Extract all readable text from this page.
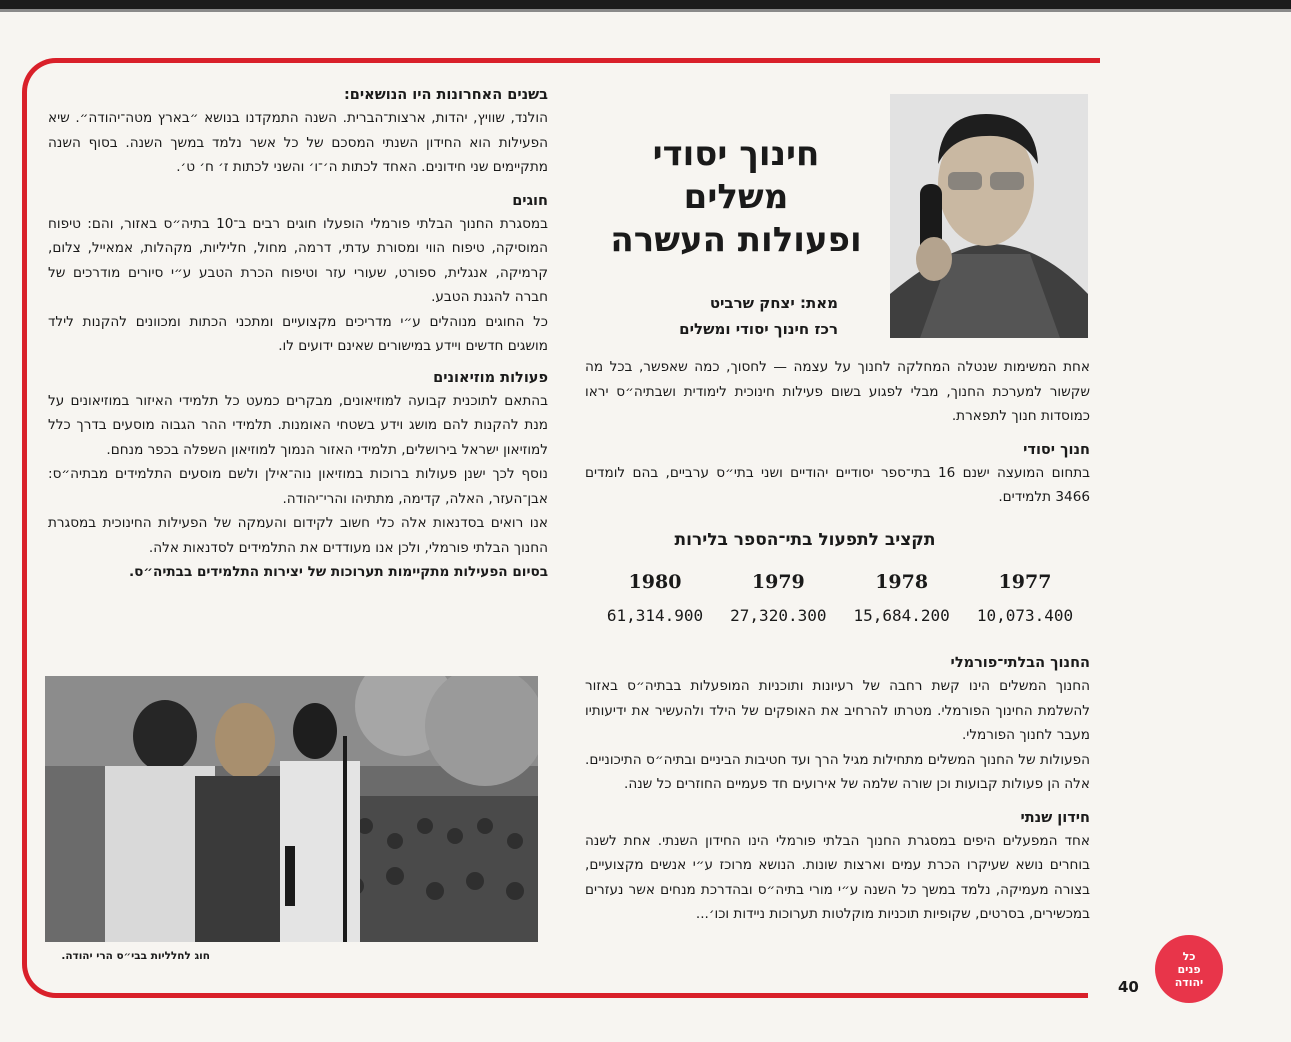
בשנים האחרונות היו הנושאים:

הולנד, שוויץ, יהדות, ארצות־הברית. השנה התמקדנו בנושא ״בארץ מטה־יהודה״. שיא הפעילות הוא החידון השנתי המסכם של כל אשר נלמד במשך השנה. בסוף השנה מתקיימים שני חידונים. האחד לכתות ה׳־ו׳ והשני לכתות ז׳ ח׳ ט׳.

חוגים

במסגרת החנוך הבלתי פורמלי הופעלו חוגים רבים ב־10 בתיה״ס באזור, והם: טיפוח המוסיקה, טיפוח הווי ומסורת עדתי, דרמה, מחול, חליליות, מקהלות, אמאייל, צלום, קרמיקה, אנגלית, ספורט, שעורי עזר וטיפוח הכרת הטבע ע״י סיורים מודרכים של חברה להגנת הטבע.

כל החוגים מנוהלים ע״י מדריכים מקצועיים ומתכני הכתות ומכוונים להקנות לילד מושגים חדשים ויידע במישורים שאינם ידועים לו.

פעולות מוזיאונים

בהתאם לתוכנית קבועה למוזיאונים, מבקרים כמעט כל תלמידי האיזור במוזיאונים על מנת להקנות להם מושג וידע בשטחי האומנות. תלמידי ההר הגבוה מוסעים בדרך כלל למוזיאון ישראל בירושלים, תלמידי האזור הנמוך למוזיאון השפלה בכפר מנחם.

נוסף לכך ישנן פעולות ברוכות במוזיאון נוה־אילן ולשם מוסעים התלמידים מבתיה״ס: אבן־העזר, האלה, קדימה, מתתיהו והרי־יהודה.

אנו רואים בסדנאות אלה כלי חשוב לקידום והעמקה של הפעילות החינוכית במסגרת החנוך הבלתי פורמלי, ולכן אנו מעודדים את התלמידים לסדנאות אלה.

בסיום הפעילות מתקיימות תערוכות של יצירות התלמידים בבתיה״ס.

חוג לחלליות בבי״ס הרי יהודה.
חינוך יסודי
משלים
ופעולות העשרה
מאת: יצחק שרביט
רכז חינוך יסודי ומשלים

אחת המשימות שנטלה המחלקה לחנוך על עצמה — לחסוך, כמה שאפשר, בכל מה שקשור למערכת החנוך, מבלי לפגוע בשום פעילות חינוכית לימודית ושבתיה״ס יראו כמוסדות חנוך לתפארת.

חנוך יסודי

בתחום המועצה ישנם 16 בתי־ספר יסודיים יהודיים ושני בתי״ס ערביים, בהם לומדים 3466 תלמידים.

תקציב לתפעול בתי־הספר בלירות
1977
1978
1979
1980
10,073.400
15,684.200
27,320.300
61,314.900
החנוך הבלתי־פורמלי

החנוך המשלים הינו קשת רחבה של רעיונות ותוכניות המופעלות בבתיה״ס באזור להשלמת החינוך הפורמלי. מטרתו להרחיב את האופקים של הילד ולהעשיר את ידיעותיו מעבר לחנוך הפורמלי.

הפעולות של החנוך המשלים מתחילות מגיל הרך ועד חטיבות הביניים ובתיה״ס התיכוניים. אלה הן פעולות קבועות וכן שורה שלמה של אירועים חד פעמיים החוזרים כל שנה.

חידון שנתי

אחד המפעלים היפים במסגרת החנוך הבלתי פורמלי הינו החידון השנתי. אחת לשנה בוחרים נושא שעיקרו הכרת עמים וארצות שונות. הנושא מרוכז ע״י אנשים מקצועיים, בצורה מעמיקה, נלמד במשך כל השנה ע״י מורי בתיה״ס ובהדרכת מנחים אשר נעזרים במכשירים, בסרטים, שקופיות תוכניות מוקלטות תערוכות ניידות וכו׳...

כל
פנים
יהודה
40
